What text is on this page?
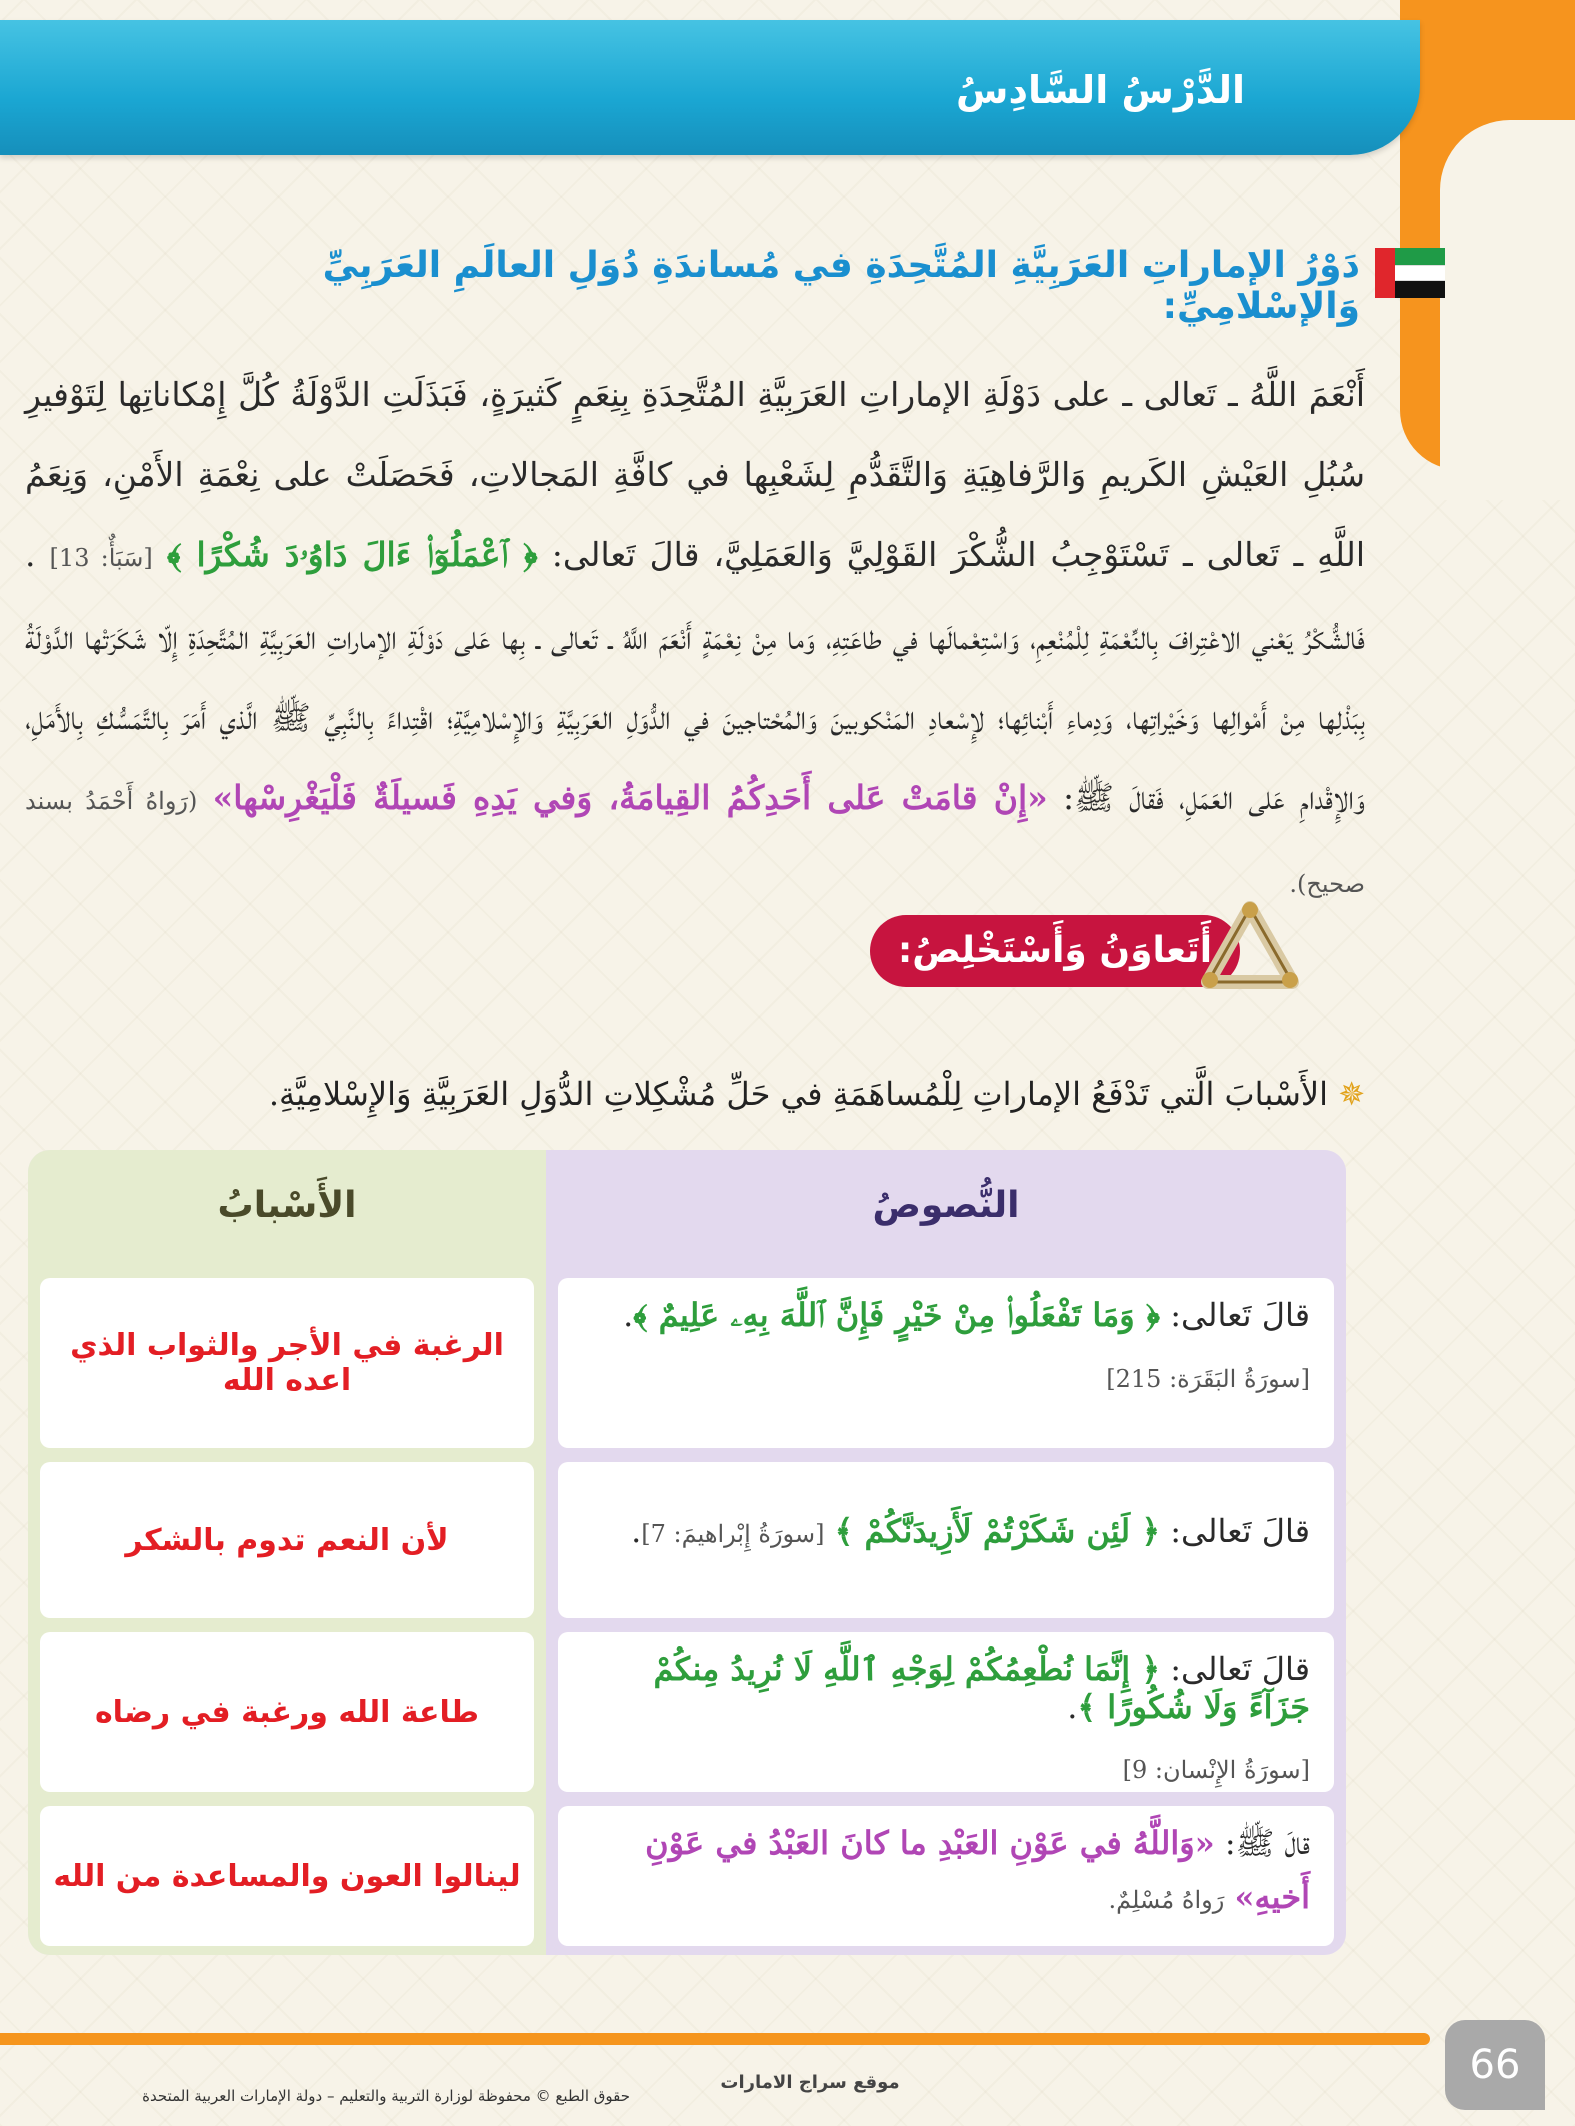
الدَّرْسُ السَّادِسُ
دَوْرُ الإماراتِ العَرَبِيَّةِ المُتَّحِدَةِ في مُساندَةِ دُوَلِ العالَمِ العَرَبِيِّ وَالإسْلامِيِّ:
أَنْعَمَ اللَّهُ ـ تَعالى ـ على دَوْلَةِ الإماراتِ العَرَبِيَّةِ المُتَّحِدَةِ بِنِعَمٍ كَثيرَةٍ، فَبَذَلَتِ الدَّوْلَةُ كُلَّ إِمْكاناتِها لِتَوْفيرِ سُبُلِ العَيْشِ الكَريمِ وَالرَّفاهِيَةِ وَالتَّقَدُّمِ لِشَعْبِها في كافَّةِ المَجالاتِ، فَحَصَلَتْ على نِعْمَةِ الأَمْنِ، وَنِعَمُ اللَّهِ ـ تَعالى ـ تَسْتَوْجِبُ الشُّكْرَ القَوْلِيَّ وَالعَمَلِيَّ، قالَ تَعالى: ﴿ ٱعْمَلُوٓا۟ ءَالَ دَاوُۥدَ شُكْرًا ﴾ [سَبَأٌ: 13] . فَالشُّكْرُ يَعْني الاعْتِرافَ بِالنِّعْمَةِ لِلْمُنْعِمِ، وَاسْتِعْمالَها في طاعَتِهِ، وَما مِنْ نِعْمَةٍ أَنْعَمَ اللَّهُ ـ تَعالى ـ بِها عَلى دَوْلَةِ الإماراتِ العَرَبِيَّةِ المُتَّحِدَةِ إِلّا شَكَرَتْها الدَّوْلَةُ بِبَذْلِها مِنْ أَمْوالِها وَخَيْراتِها، وَدِماءِ أَبْنائِها؛ لإِسْعادِ المَنْكوبينَ وَالمُحْتاجينَ في الدُّوَلِ العَرَبِيَّةِ وَالإِسْلامِيَّةِ؛ اقْتِداءً بِالنَّبِيِّ ﷺ الَّذي أَمَرَ بِالتَّمَسُّكِ بِالأَمَلِ، وَالإِقْدامِ عَلى العَمَلِ، فَقالَ ﷺ: «إِنْ قامَتْ عَلى أَحَدِكُمُ القِيامَةُ، وَفي يَدِهِ فَسيلَةٌ فَلْيَغْرِسْها» (رَواهُ أَحْمَدُ بسند صحيح).
أَتَعاوَنُ وَأَسْتَخْلِصُ:
✵ الأَسْبابَ الَّتي تَدْفَعُ الإماراتِ لِلْمُساهَمَةِ في حَلِّ مُشْكِلاتِ الدُّوَلِ العَرَبِيَّةِ وَالإِسْلامِيَّةِ.
الأَسْبابُ	النُّصوصُ
الرغبة في الأجر والثواب الذي اعده الله
قالَ تَعالى: ﴿ وَمَا تَفْعَلُوا۟ مِنْ خَيْرٍ فَإِنَّ ٱللَّهَ بِهِۦ عَلِيمٌ ﴾.
[سورَةُ البَقَرَة: 215]
لأن النعم تدوم بالشكر	قالَ تَعالى: ﴿ لَئِن شَكَرْتُمْ لَأَزِيدَنَّكُمْ ﴾ [سورَةُ إِبْراهيمَ: 7].
طاعة الله ورغبة في رضاه
قالَ تَعالى: ﴿ إِنَّمَا نُطْعِمُكُمْ لِوَجْهِ ٱللَّهِ لَا نُرِيدُ مِنكُمْ جَزَآءً وَلَا شُكُورًا ﴾.
[سورَةُ الإِنْسان: 9]
لينالوا العون والمساعدة من الله
قالَ ﷺ: «وَاللَّهُ في عَوْنِ العَبْدِ ما كانَ العَبْدُ في عَوْنِ أَخيهِ» رَواهُ مُسْلِمٌ.
66
موقع سراج الامارات
حقوق الطبع © محفوظة لوزارة التربية والتعليم – دولة الإمارات العربية المتحدة
